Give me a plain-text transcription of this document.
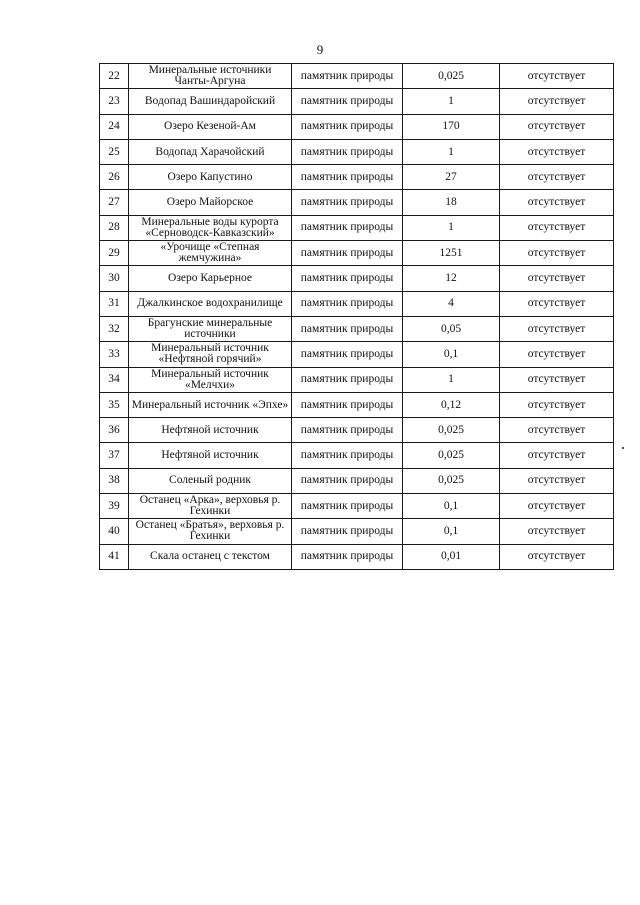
9
22	Минеральные источники Чанты-Аргуна	памятник природы	0,025	отсутствует
23	Водопад Вашиндаройский	памятник природы	1	отсутствует
24	Озеро Кезеной-Ам	памятник природы	170	отсутствует
25	Водопад Харачойский	памятник природы	1	отсутствует
26	Озеро Капустино	памятник природы	27	отсутствует
27	Озеро Майорское	памятник природы	18	отсутствует
28	Минеральные воды курорта «Серноводск-Кавказский»	памятник природы	1	отсутствует
29	«Урочище «Степная жемчужина»	памятник природы	1251	отсутствует
30	Озеро Карьерное	памятник природы	12	отсутствует
31	Джалкинское водохранилище	памятник природы	4	отсутствует
32	Брагунские минеральные источники	памятник природы	0,05	отсутствует
33	Минеральный источник «Нефтяной горячий»	памятник природы	0,1	отсутствует
34	Минеральный источник «Мелчхи»	памятник природы	1	отсутствует
35	Минеральный источник «Эпхе»	памятник природы	0,12	отсутствует
36	Нефтяной источник	памятник природы	0,025	отсутствует
37	Нефтяной источник	памятник природы	0,025	отсутствует
38	Соленый родник	памятник природы	0,025	отсутствует
39	Останец «Арка», верховья р. Гехинки	памятник природы	0,1	отсутствует
40	Останец «Братья», верховья р. Гехинки	памятник природы	0,1	отсутствует
41	Скала останец с текстом	памятник природы	0,01	отсутствует
